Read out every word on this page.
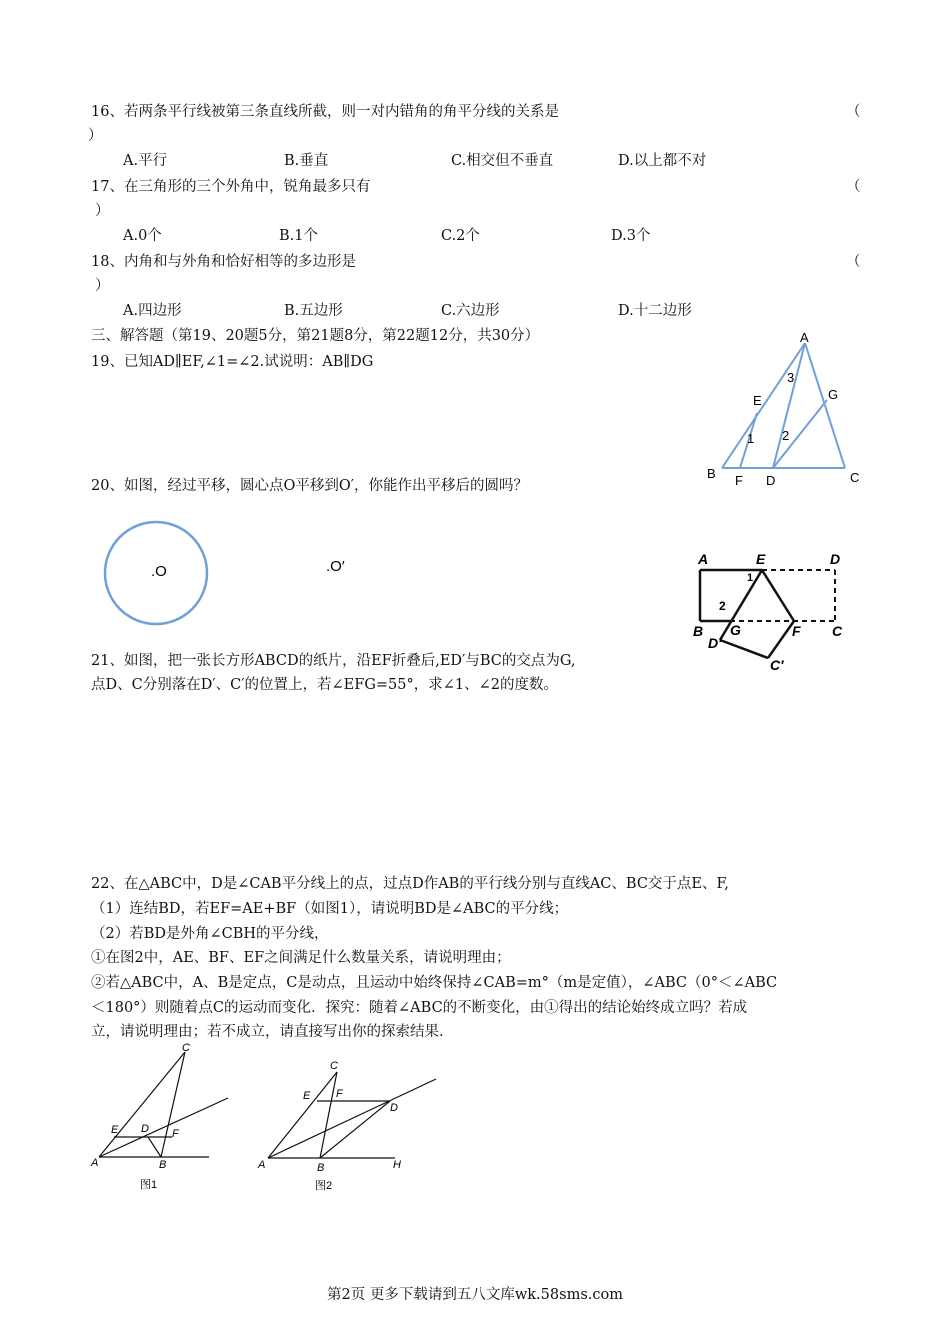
16、若两条平行线被第三条直线所截，则一对内错角的角平分线的关系是	（
）
A.平行	B.垂直	C.相交但不垂直	D.以上都不对
17、在三角形的三个外角中，锐角最多只有	（
）
A.0个	B.1个	C.2个	D.3个
18、内角和与外角和恰好相等的多边形是	（
）
A.四边形	B.五边形	C.六边形	D.十二边形
三、解答题（第19、20题5分，第21题8分，第22题12分，共30分）
19、已知AD∥EF,∠1=∠2.试说明：AB∥DG
A
B	C
D
E
F
G
1 2
3
20、如图，经过平移，圆心点O平移到O′，你能作出平移后的圆吗？
.O	.O′	A	E	D
B G	F C
D′
C′
1
2
21、如图，把一张长方形ABCD的纸片，沿EF折叠后,ED′与BC的交点为G,
点D、C分别落在D′、C′的位置上，若∠EFG=55°，求∠1、∠2的度数。
22、在△ABC中，D是∠CAB平分线上的点，过点D作AB的平行线分别与直线AC、BC交于点E、F,
（1）连结BD，若EF=AE+BF（如图1），请说明BD是∠ABC的平分线；
（2）若BD是外角∠CBH的平分线，
①在图2中，AE、BF、EF之间满足什么数量关系，请说明理由；
②若△ABC中，A、B是定点，C是动点，且运动中始终保持∠CAB=m°（m是定值），∠ABC（0°＜∠ABC
＜180°）则随着点C的运动而变化．探究：随着∠ABC的不断变化，由①得出的结论始终成立吗？若成
立，请说明理由；若不成立，请直接写出你的探索结果．
A	B
C
D
E	F
图1
A	B
C
D
E F
H
图2
第2页 更多下载请到五八文库wk.58sms.com
